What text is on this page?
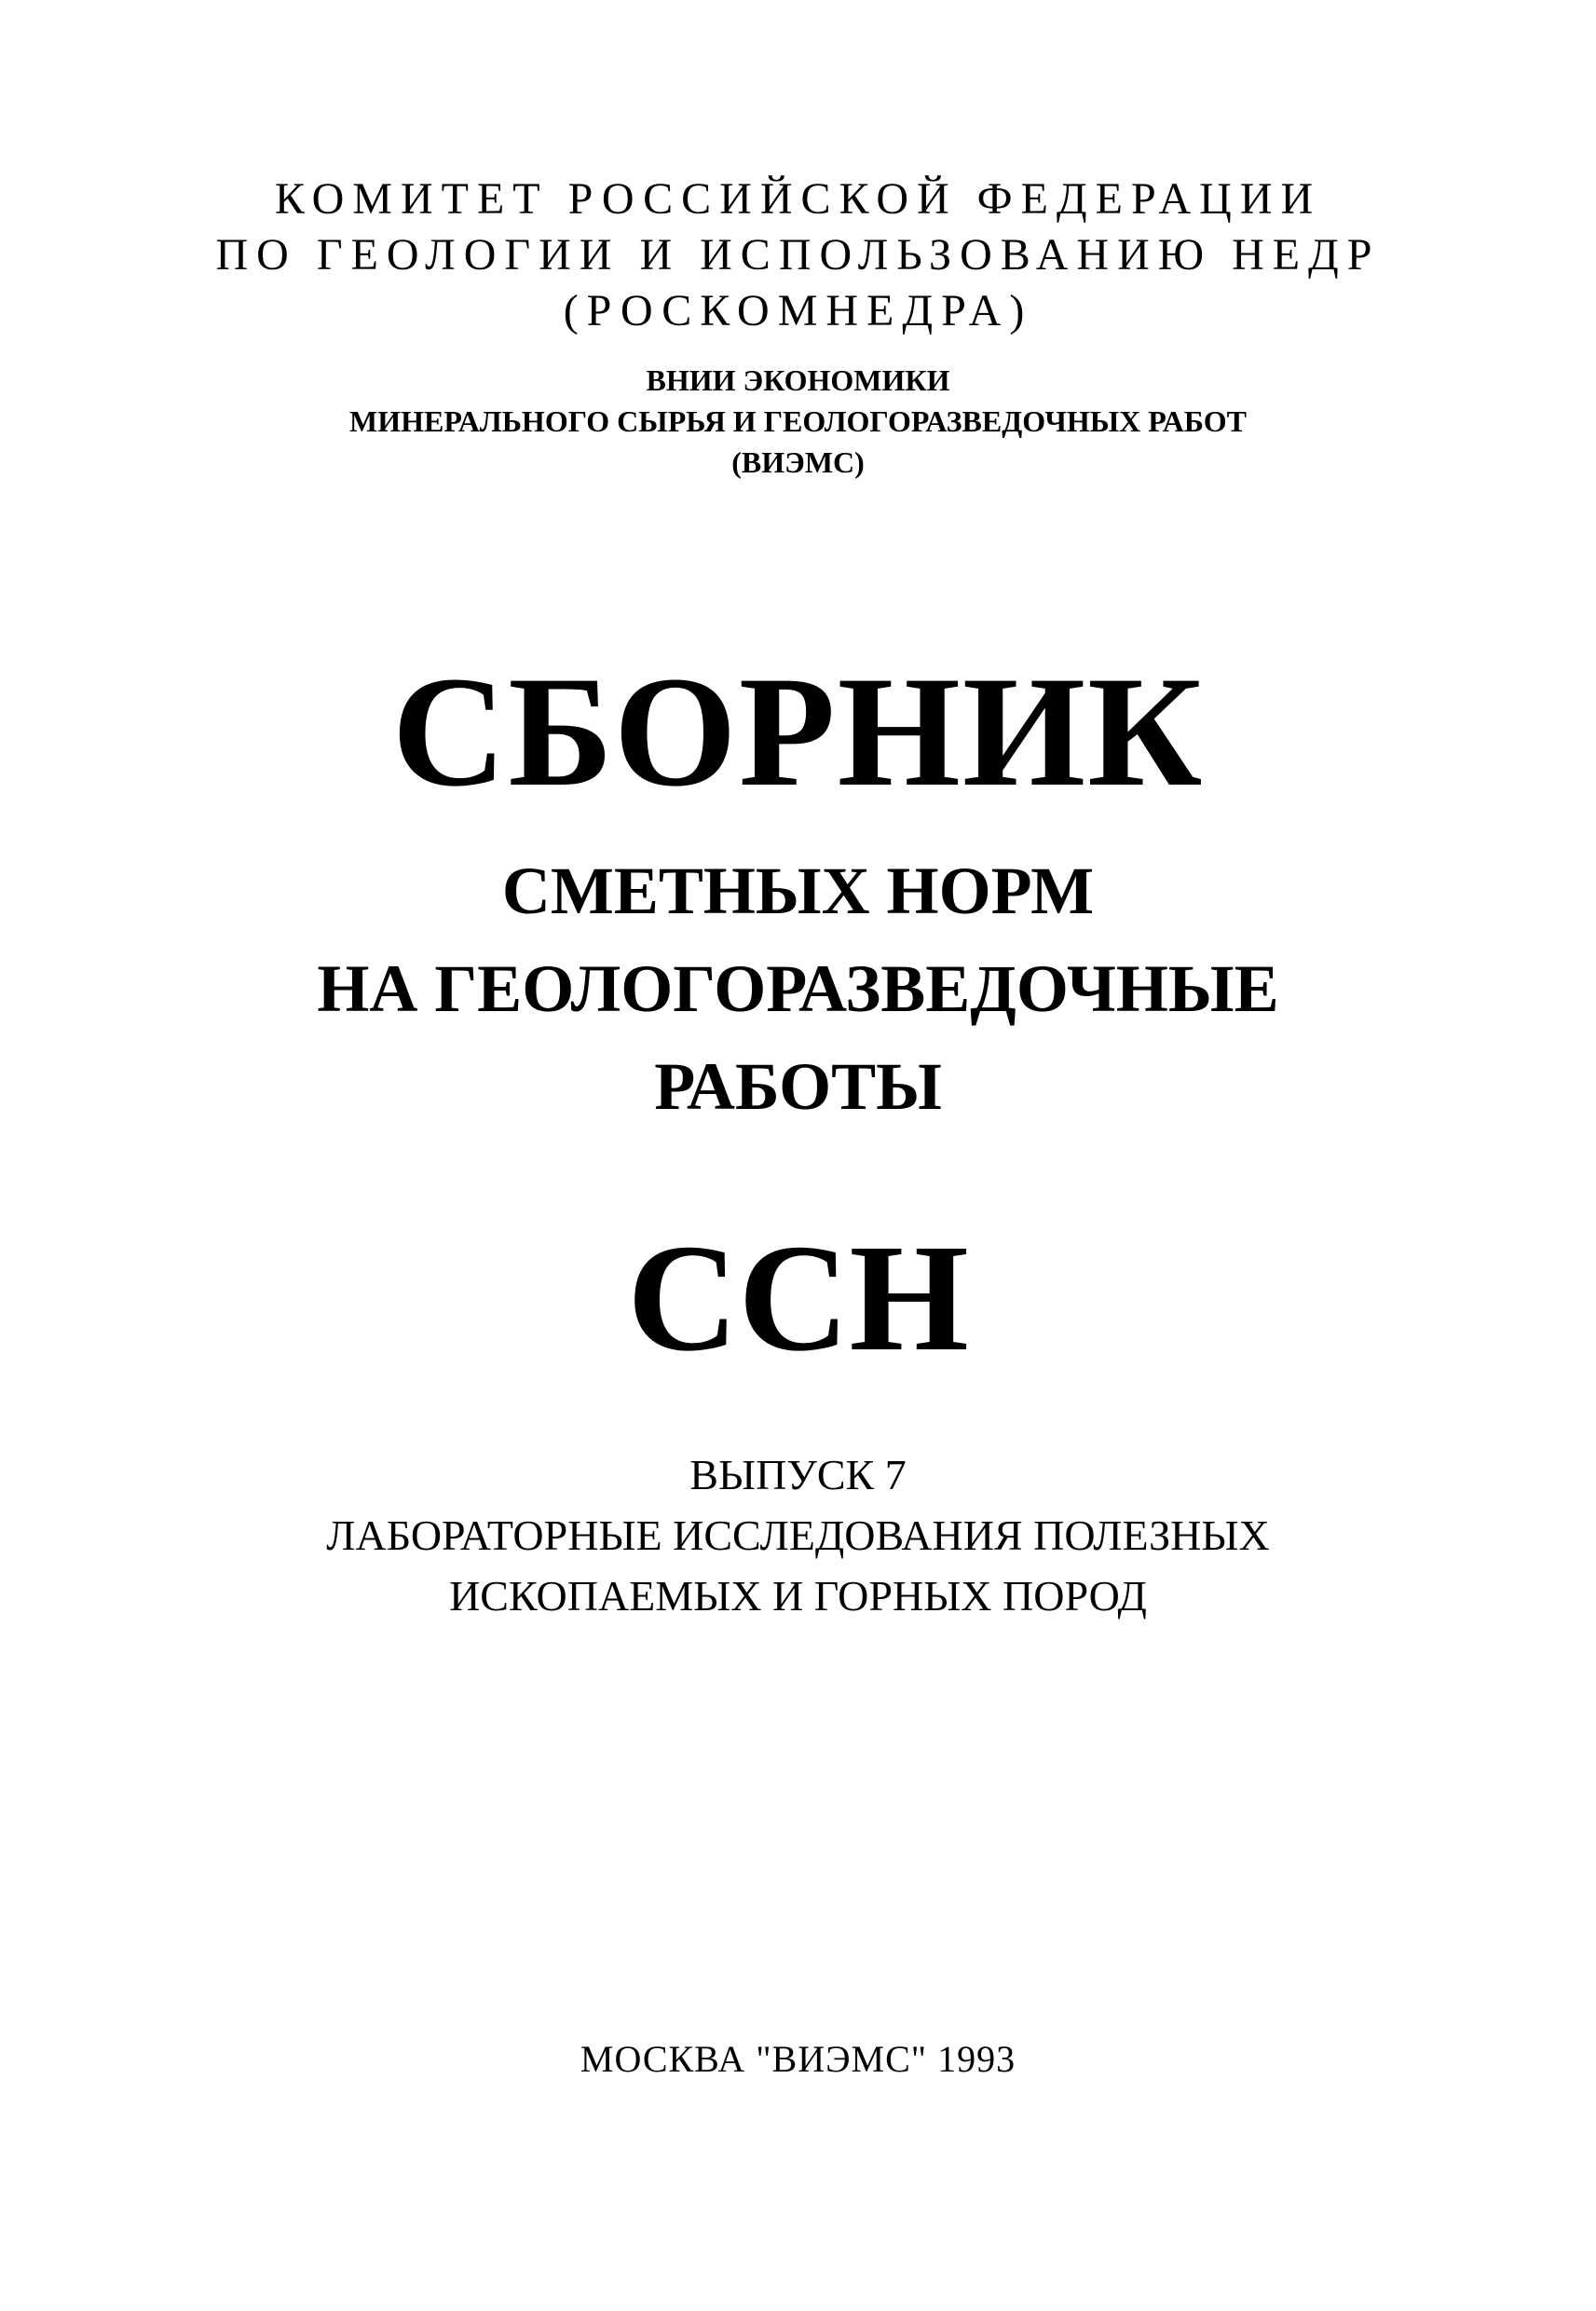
КОМИТЕТ РОССИЙСКОЙ ФЕДЕРАЦИИ

ПО ГЕОЛОГИИ И ИСПОЛЬЗОВАНИЮ НЕДР

(РОСКОМНЕДРА)

ВНИИ ЭКОНОМИКИ

МИНЕРАЛЬНОГО СЫРЬЯ И ГЕОЛОГОРАЗВЕДОЧНЫХ РАБОТ

(ВИЭМС)

СБОРНИК

СМЕТНЫХ НОРМ

НА ГЕОЛОГОРАЗВЕДОЧНЫЕ

РАБОТЫ

ССН

ВЫПУСК 7

ЛАБОРАТОРНЫЕ ИССЛЕДОВАНИЯ ПОЛЕЗНЫХ

ИСКОПАЕМЫХ И ГОРНЫХ ПОРОД

МОСКВА "ВИЭМС" 1993
